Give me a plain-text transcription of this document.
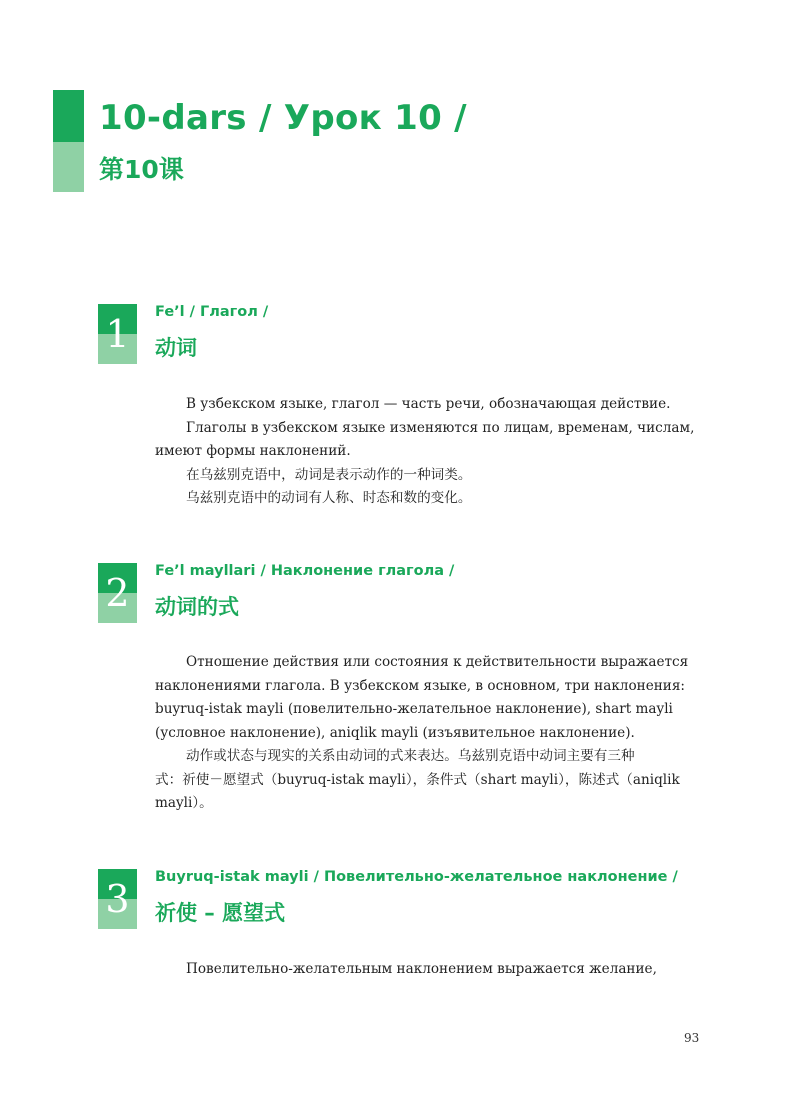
10-dars / Урок 10 /
第10课
1	Fe’l / Глагол /
动词
В узбекском языке, глагол — часть речи, обозначающая действие.
Глаголы в узбекском языке изменяются по лицам, временам, числам,
имеют формы наклонений.
在乌兹别克语中，动词是表示动作的一种词类。
乌兹别克语中的动词有人称、时态和数的变化。
2	Fe’l mayllari / Наклонение глагола /
动词的式
Отношение действия или состояния к действительности выражается
наклонениями глагола. В узбекском языке, в основном, три наклонения:
buyruq-istak mayli (повелительно-желательное наклонение), shart mayli
(условное наклонение), aniqlik mayli (изъявительное наклонение).
动作或状态与现实的关系由动词的式来表达。乌兹别克语中动词主要有三种
式：祈使－愿望式（buyruq-istak mayli），条件式（shart mayli），陈述式（aniqlik
mayli）。
3	Buyruq-istak mayli / Повелительно-желательное наклонение /
祈使 – 愿望式
Повелительно-желательным наклонением выражается желание,
93
